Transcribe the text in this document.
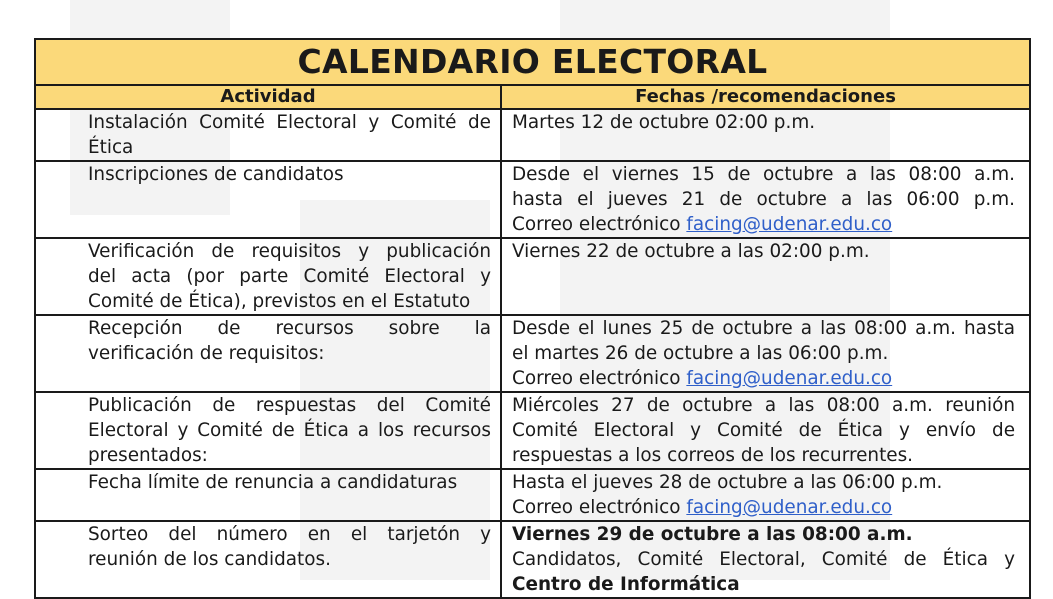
CALENDARIO ELECTORAL	
Actividad	Fechas /recomendaciones

Instalación Comité Electoral y Comité de
Ética	Martes 12 de octubre 02:00 p.m.

Inscripciones de candidatos	Desde el viernes 15 de octubre a las 08:00 a.m.
hasta el jueves 21 de octubre a las 06:00 p.m.
Correo electrónico facing@udenar.edu.co

Verificación de requisitos y publicación
del acta (por parte Comité Electoral y
Comité de Ética), previstos en el Estatuto	Viernes 22 de octubre a las 02:00 p.m.

Recepción de recursos sobre la
verificación de requisitos:	Desde el lunes 25 de octubre a las 08:00 a.m. hasta
el martes 26 de octubre a las 06:00 p.m.
Correo electrónico facing@udenar.edu.co

Publicación de respuestas del Comité
Electoral y Comité de Ética a los recursos
presentados:	Miércoles 27 de octubre a las 08:00 a.m. reunión
Comité Electoral y Comité de Ética y envío de
respuestas a los correos de los recurrentes.

Fecha límite de renuncia a candidaturas	Hasta el jueves 28 de octubre a las 06:00 p.m.
Correo electrónico facing@udenar.edu.co

Sorteo del número en el tarjetón y
reunión de los candidatos.	Viernes 29 de octubre a las 08:00 a.m.
Candidatos, Comité Electoral, Comité de Ética y
Centro de Informática
